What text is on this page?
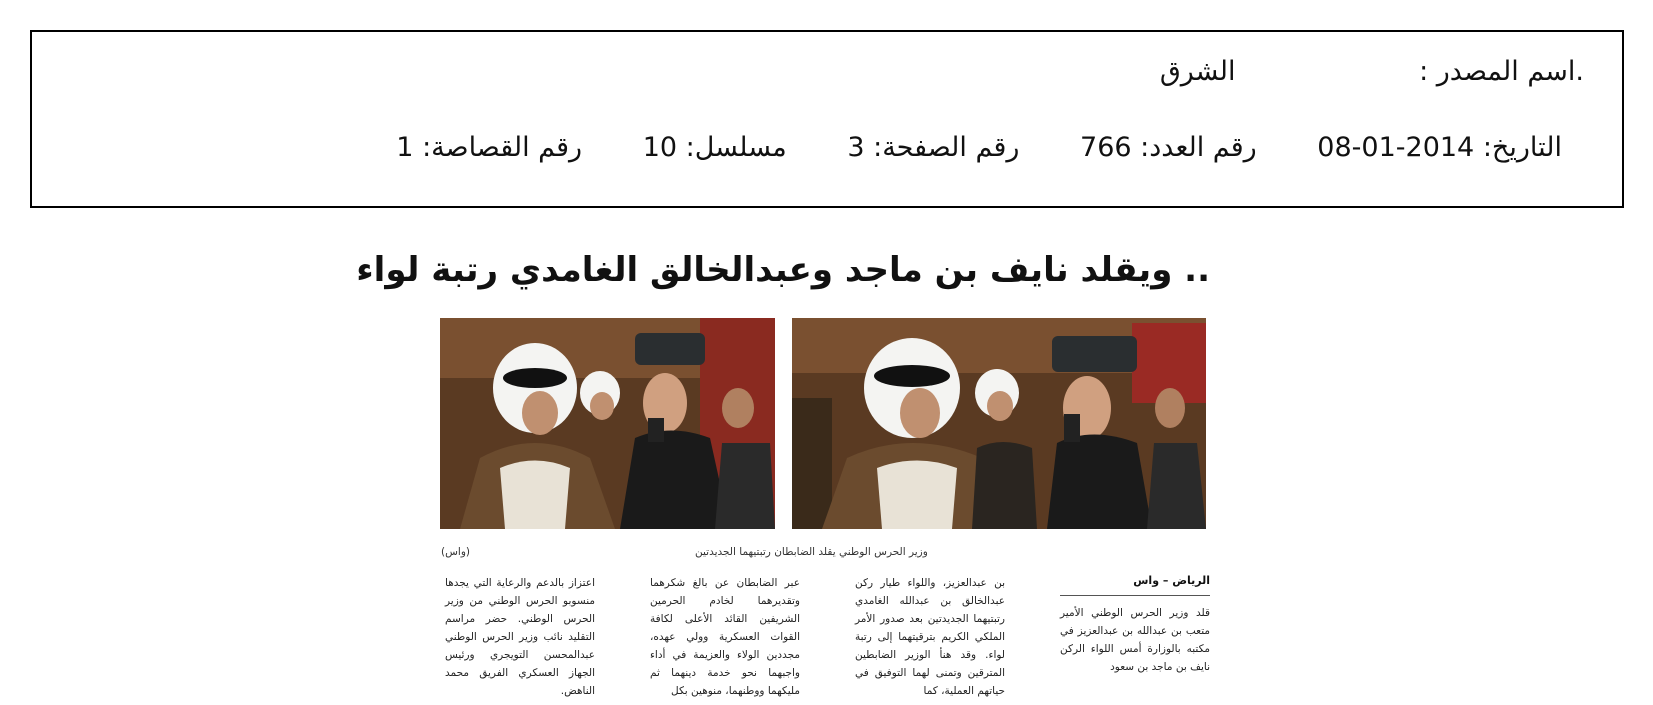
.اسم المصدر : الشرق
التاريخ: 2014-01-08 رقم العدد: 766 رقم الصفحة: 3 مسلسل: 10 رقم القصاصة: 1
.. ويقلد نايف بن ماجد وعبدالخالق الغامدي رتبة لواء
وزير الحرس الوطني يقلد الضابطان رتبتيهما الجديدتين
(واس)
الرياض – واس

قلد وزير الحرس الوطني الأمير متعب بن عبدالله بن عبدالعزيز في مكتبه بالوزارة أمس اللواء الركن نايف بن ماجد بن سعود

بن عبدالعزيز، واللواء طيار ركن عبدالخالق بن عبدالله الغامدي رتبتيهما الجديدتين بعد صدور الأمر الملكي الكريم بترقيتهما إلى رتبة لواء. وقد هنأ الوزير الضابطين المترقين وتمنى لهما التوفيق في حياتهم العملية، كما

عبر الضابطان عن بالغ شكرهما وتقديرهما لخادم الحرمين الشريفين القائد الأعلى لكافة القوات العسكرية وولي عهده، مجددين الولاء والعزيمة في أداء واجبهما نحو خدمة دينهما ثم مليكهما ووطنهما، منوهين بكل

اعتزاز بالدعم والرعاية التي يجدها منسوبو الحرس الوطني من وزير الحرس الوطني. حضر مراسم التقليد نائب وزير الحرس الوطني عبدالمحسن التويجري ورئيس الجهاز العسكري الفريق محمد الناهض.
